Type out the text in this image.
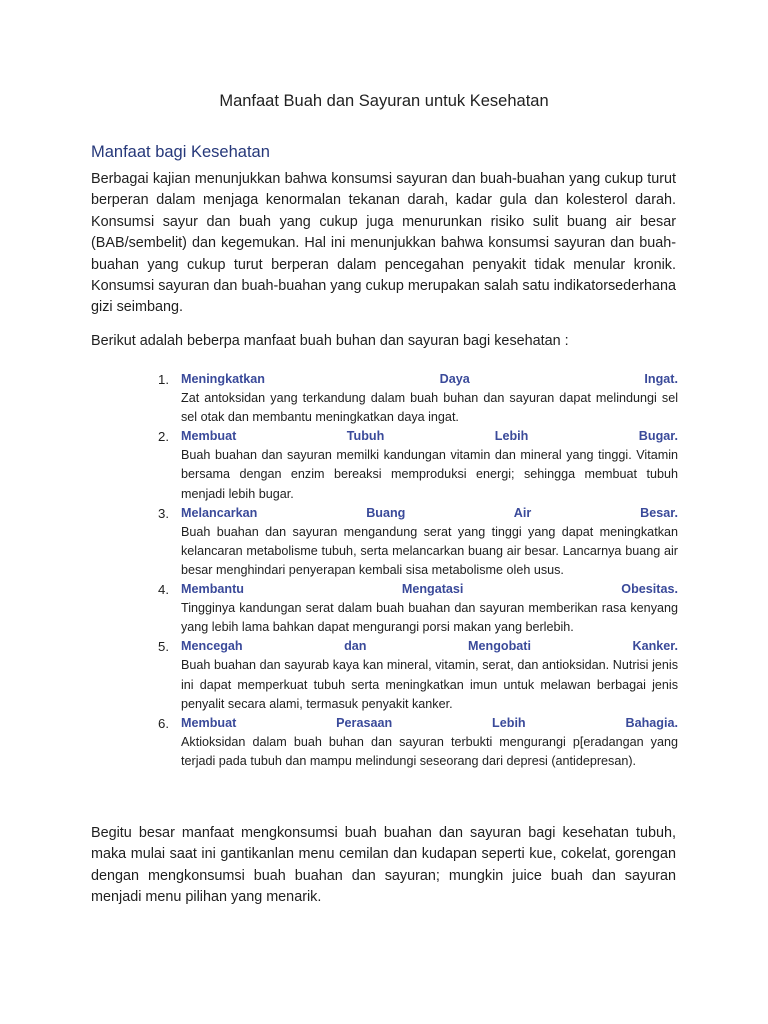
Manfaat Buah dan Sayuran untuk Kesehatan
Manfaat bagi Kesehatan

Berbagai kajian menunjukkan bahwa konsumsi sayuran dan buah-buahan yang cukup turut berperan dalam menjaga kenormalan tekanan darah, kadar gula dan kolesterol darah. Konsumsi sayur dan buah yang cukup juga menurunkan risiko sulit buang air besar (BAB/sembelit) dan kegemukan. Hal ini menunjukkan bahwa konsumsi sayuran dan buah-buahan yang cukup turut berperan dalam pencegahan penyakit tidak menular kronik. Konsumsi sayuran dan buah-buahan yang cukup merupakan salah satu indikatorsederhana gizi seimbang.

Berikut adalah beberpa manfaat buah buhan dan sayuran bagi kesehatan :

1. Meningkatkan Daya Ingat.
Zat antoksidan yang terkandung dalam buah buhan dan sayuran dapat melindungi sel sel otak dan membantu meningkatkan daya ingat.
2. Membuat Tubuh Lebih Bugar.
Buah buahan dan sayuran memilki kandungan vitamin dan mineral yang tinggi. Vitamin bersama dengan enzim bereaksi memproduksi energi; sehingga membuat tubuh menjadi lebih bugar.
3. Melancarkan Buang Air Besar.
Buah buahan dan sayuran mengandung serat yang tinggi yang dapat meningkatkan kelancaran metabolisme tubuh, serta melancarkan buang air besar. Lancarnya buang air besar menghindari penyerapan kembali sisa metabolisme oleh usus.
4. Membantu Mengatasi Obesitas.
Tingginya kandungan serat dalam buah buahan dan sayuran memberikan rasa kenyang yang lebih lama bahkan dapat mengurangi porsi makan yang berlebih.
5. Mencegah dan Mengobati Kanker.
Buah buahan dan sayurab kaya kan mineral, vitamin, serat, dan antioksidan. Nutrisi jenis ini dapat memperkuat tubuh serta meningkatkan imun untuk melawan berbagai jenis penyalit secara alami, termasuk penyakit kanker.
6. Membuat Perasaan Lebih Bahagia.
Aktioksidan dalam buah buhan dan sayuran terbukti mengurangi p[eradangan yang terjadi pada tubuh dan mampu melindungi seseorang dari depresi (antidepresan).

Begitu besar manfaat mengkonsumsi buah buahan dan sayuran bagi kesehatan tubuh, maka mulai saat ini gantikanlan menu cemilan dan kudapan seperti kue, cokelat, gorengan dengan mengkonsumsi buah buahan dan sayuran; mungkin juice buah dan sayuran menjadi menu pilihan yang menarik.
